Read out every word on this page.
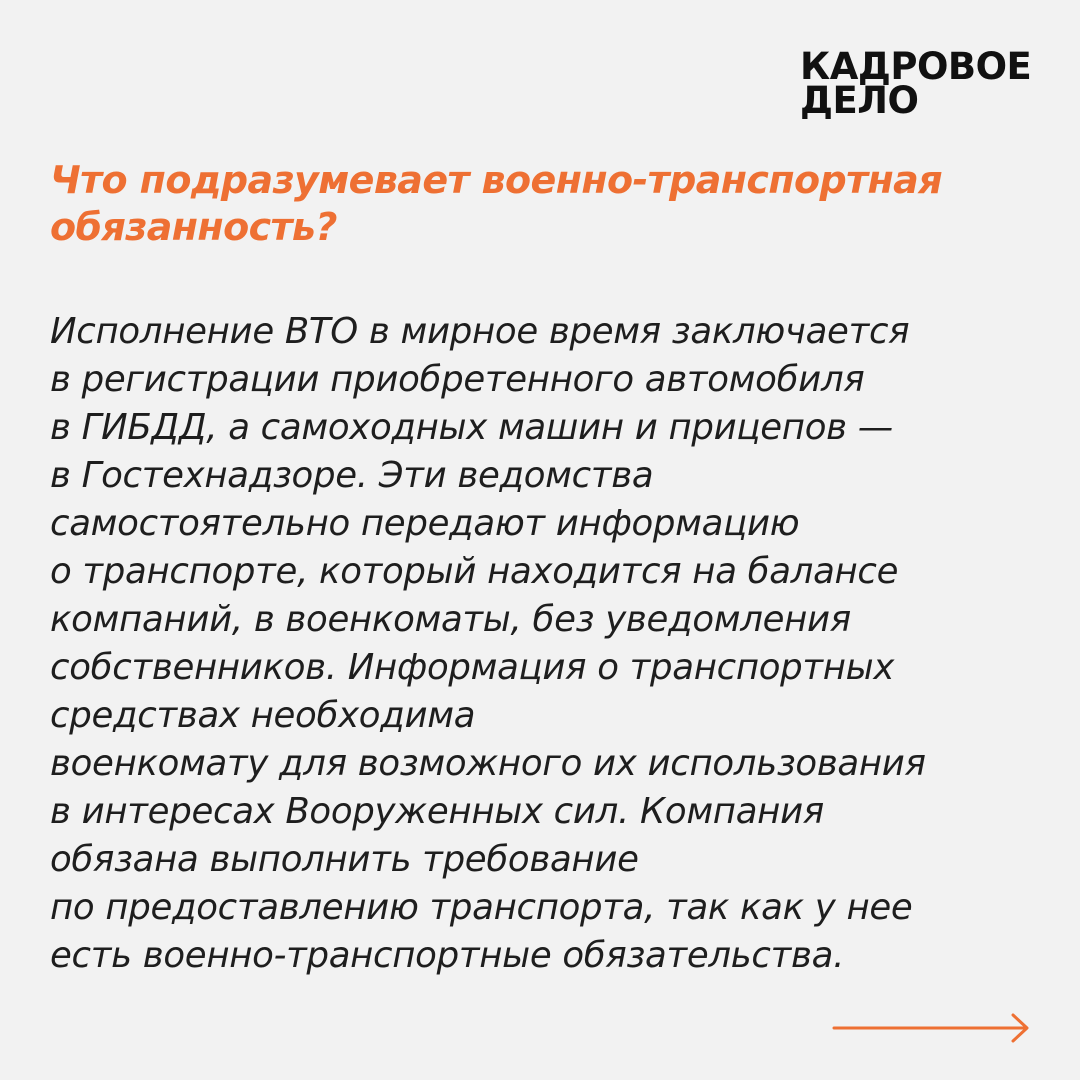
КАДРОВОЕ
ДЕЛО
Что подразумевает военно-транспортная обязанность?
Исполнение ВТО в мирное время заключается
в регистрации приобретенного автомобиля
в ГИБДД, а самоходных машин и прицепов —
в Гостехнадзоре. Эти ведомства
самостоятельно передают информацию
о транспорте, который находится на балансе
компаний, в военкоматы, без уведомления
собственников. Информация о транспортных
средствах необходима
военкомату для возможного их использования
в интересах Вооруженных сил. Компания
обязана выполнить требование
по предоставлению транспорта, так как у нее
есть военно-транспортные обязательства.
